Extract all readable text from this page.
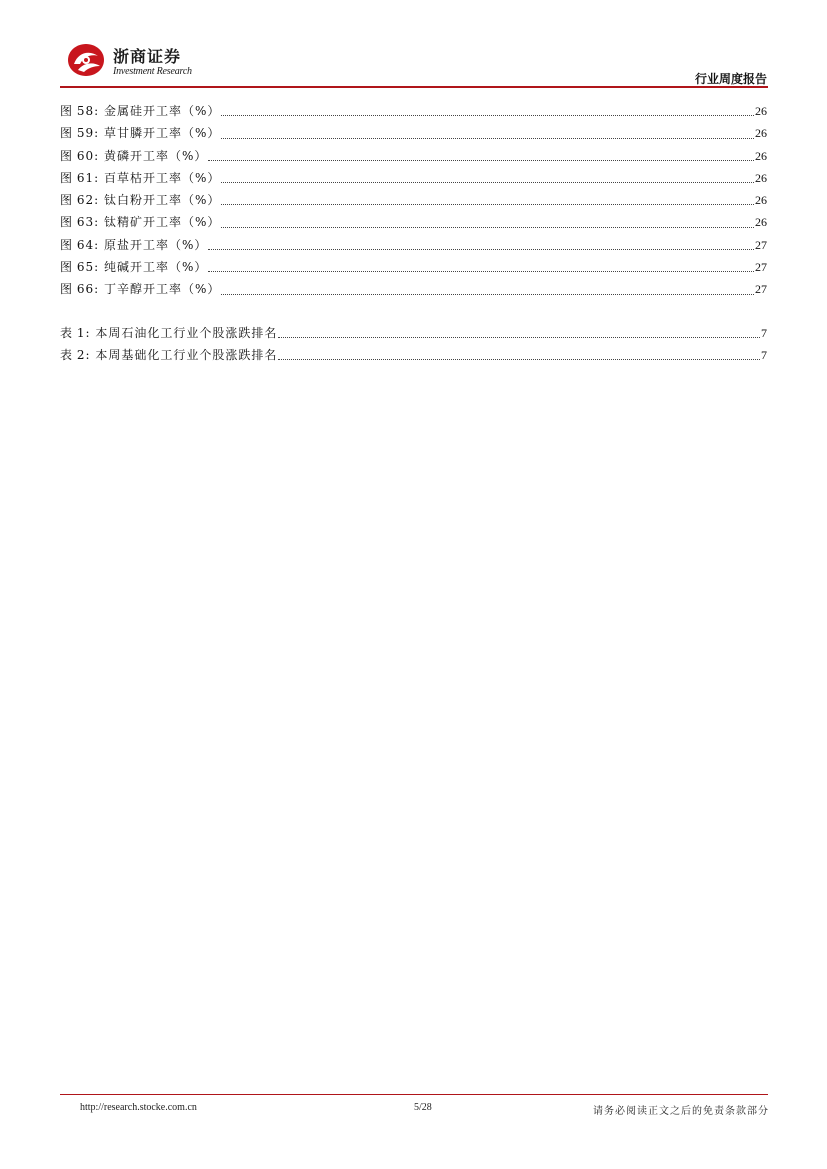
浙商证券
Investment Research
行业周度报告
图 58: 金属硅开工率（%）	26
图 59: 草甘膦开工率（%）	26
图 60: 黄磷开工率（%）	26
图 61: 百草枯开工率（%）	26
图 62: 钛白粉开工率（%）	26
图 63: 钛精矿开工率（%）	26
图 64: 原盐开工率（%）	27
图 65: 纯碱开工率（%）	27
图 66: 丁辛醇开工率（%）	27
表 1: 本周石油化工行业个股涨跌排名	7
表 2: 本周基础化工行业个股涨跌排名	7
http://research.stocke.com.cn	5/28	请务必阅读正文之后的免责条款部分
